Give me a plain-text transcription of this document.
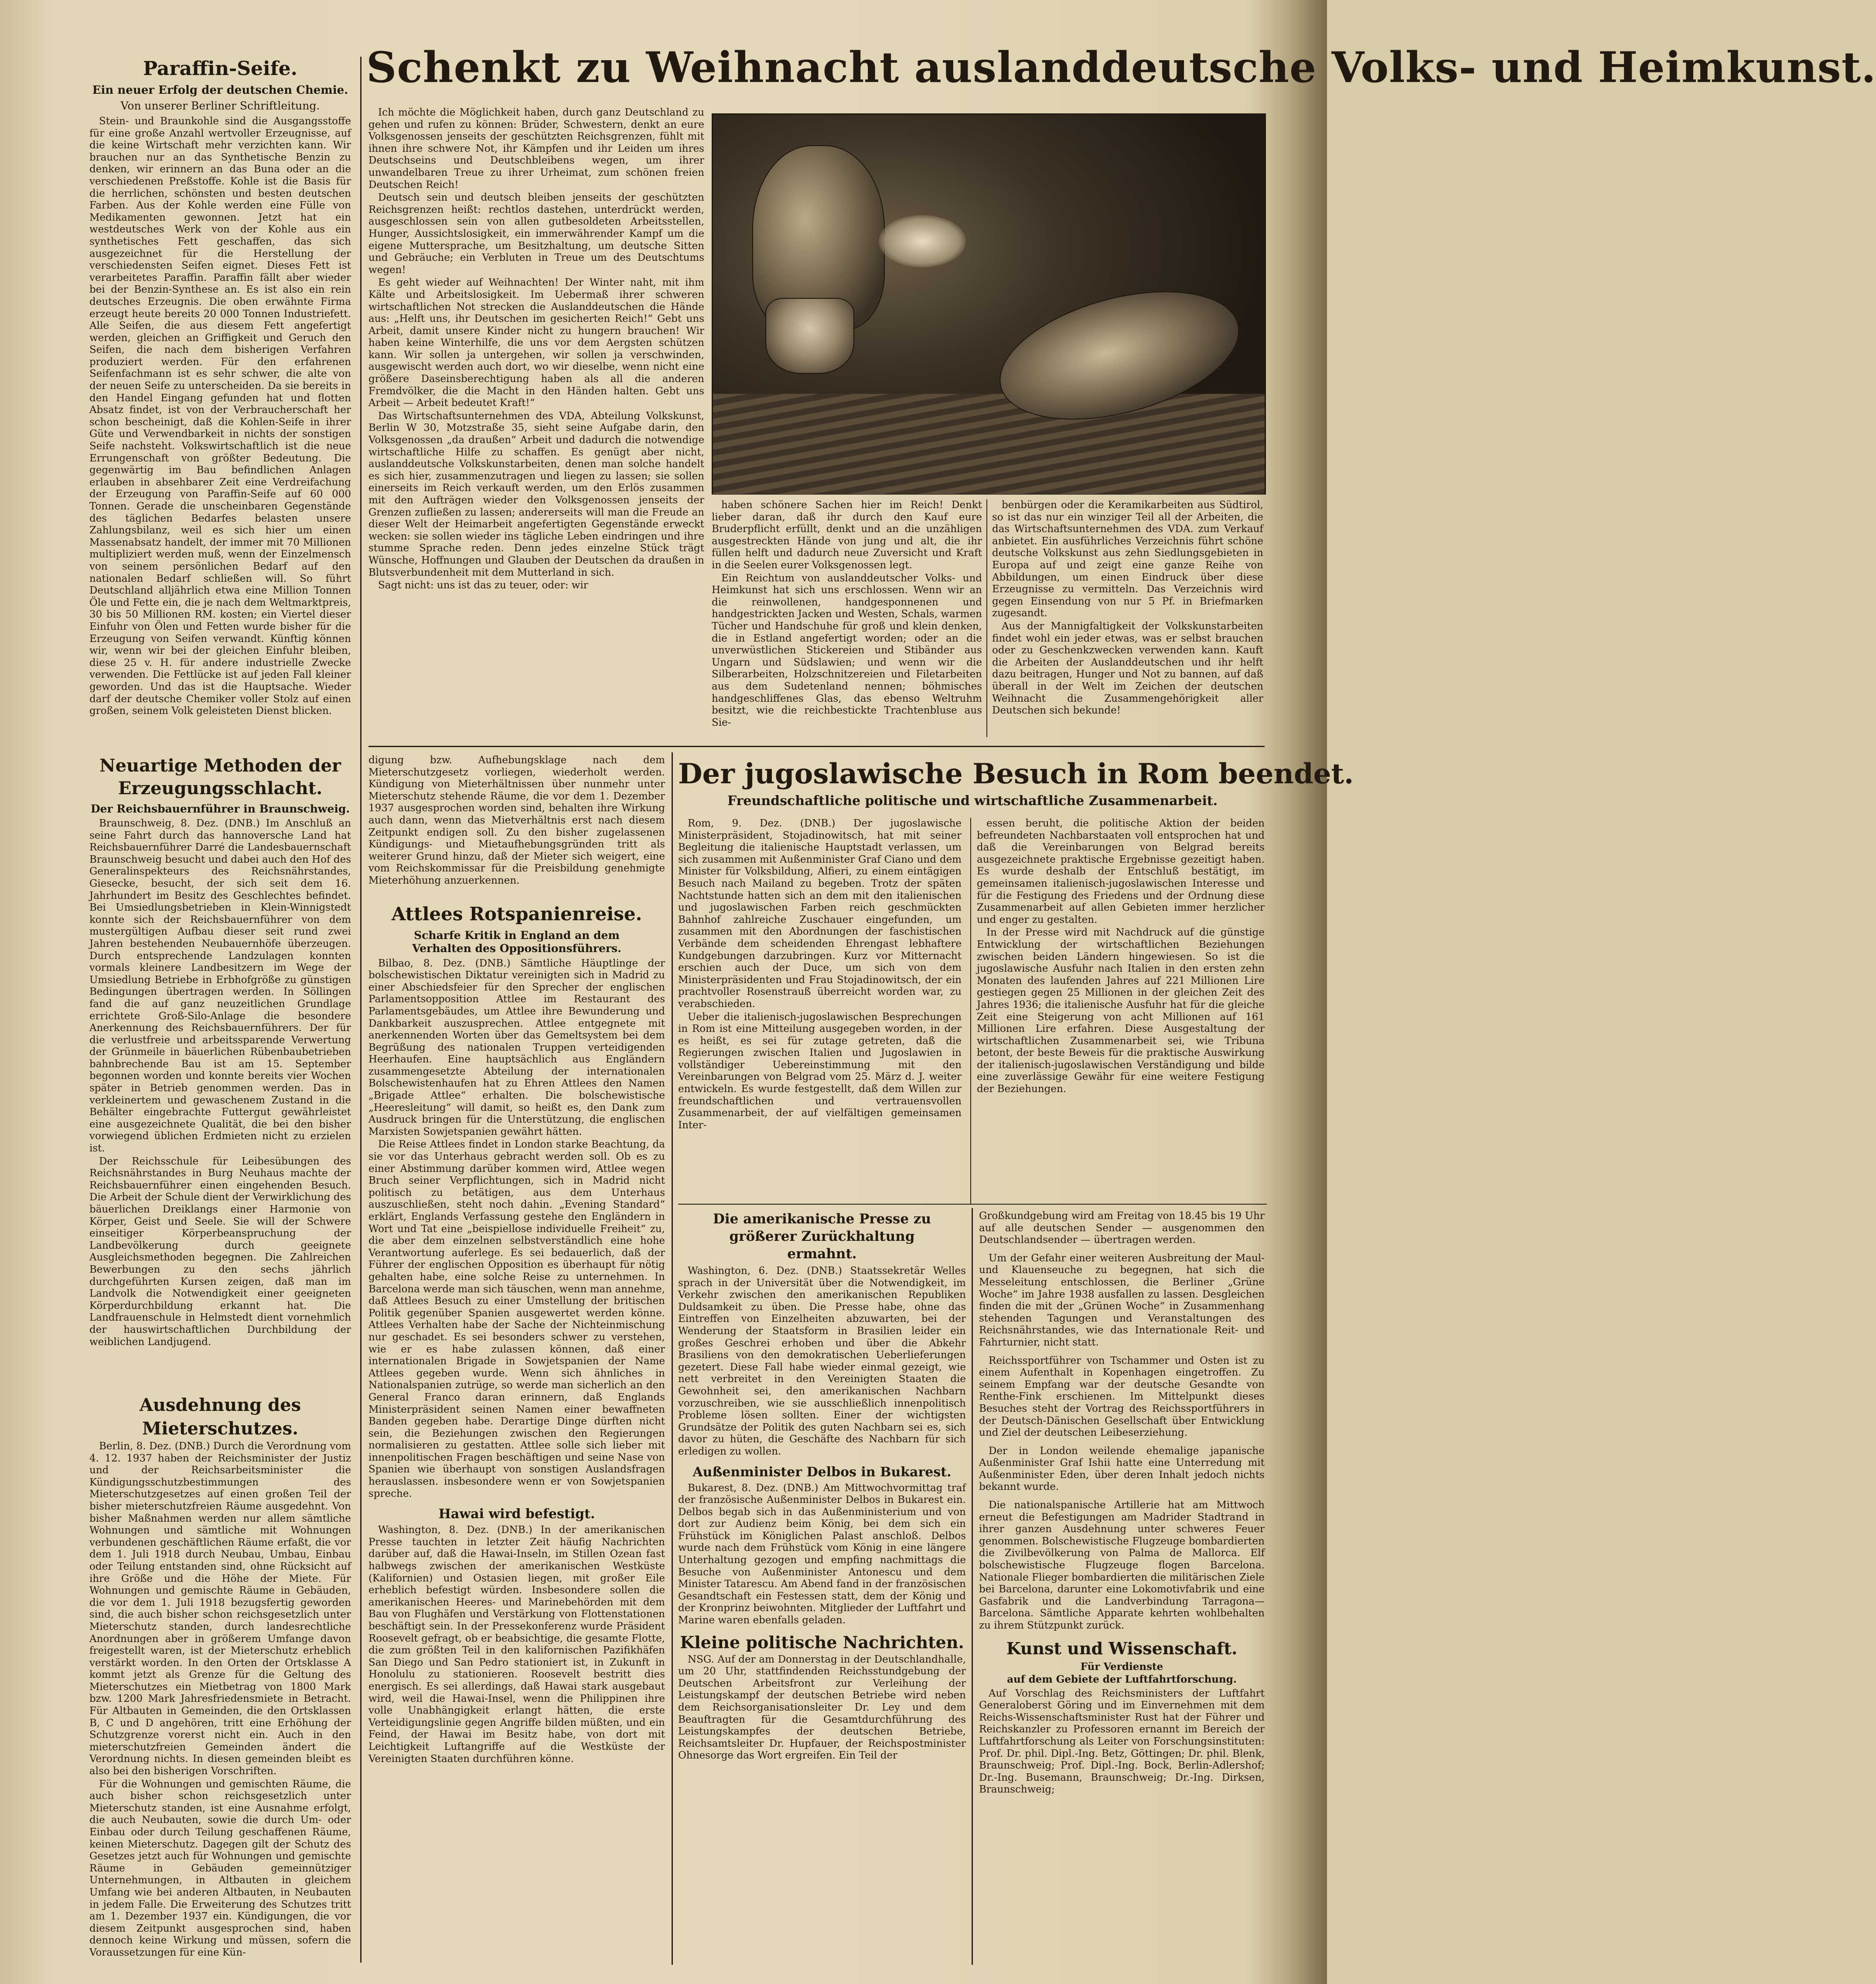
Schenkt zu Weihnacht auslanddeutsche Volks- und Heimkunst.
Paraffin-Seife.
Ein neuer Erfolg der deutschen Chemie.
Von unserer Berliner Schriftleitung.

Stein- und Braunkohle sind die Ausgangsstoffe für eine große Anzahl wertvoller Erzeugnisse, auf die keine Wirtschaft mehr verzichten kann. Wir brauchen nur an das Synthetische Benzin zu denken, wir erinnern an das Buna oder an die verschiedenen Preßstoffe. Kohle ist die Basis für die herrlichen, schönsten und besten deutschen Farben. Aus der Kohle werden eine Fülle von Medikamenten gewonnen. Jetzt hat ein westdeutsches Werk von der Kohle aus ein synthetisches Fett geschaffen, das sich ausgezeichnet für die Herstellung der verschiedensten Seifen eignet. Dieses Fett ist verarbeitetes Paraffin. Paraffin fällt aber wieder bei der Benzin-Synthese an. Es ist also ein rein deutsches Erzeugnis. Die oben erwähnte Firma erzeugt heute bereits 20 000 Tonnen Industriefett. Alle Seifen, die aus diesem Fett angefertigt werden, gleichen an Griffigkeit und Geruch den Seifen, die nach dem bisherigen Verfahren produziert werden. Für den erfahrenen Seifenfachmann ist es sehr schwer, die alte von der neuen Seife zu unterscheiden. Da sie bereits in den Handel Eingang gefunden hat und flotten Absatz findet, ist von der Verbraucherschaft her schon bescheinigt, daß die Kohlen-Seife in ihrer Güte und Verwendbarkeit in nichts der sonstigen Seife nachsteht. Volkswirtschaftlich ist die neue Errungenschaft von größter Bedeutung. Die gegenwärtig im Bau befindlichen Anlagen erlauben in absehbarer Zeit eine Verdreifachung der Erzeugung von Paraffin-Seife auf 60 000 Tonnen. Gerade die unscheinbaren Gegenstände des täglichen Bedarfes belasten unsere Zahlungsbilanz, weil es sich hier um einen Massenabsatz handelt, der immer mit 70 Millionen multipliziert werden muß, wenn der Einzelmensch von seinem persönlichen Bedarf auf den nationalen Bedarf schließen will. So führt Deutschland alljährlich etwa eine Million Tonnen Öle und Fette ein, die je nach dem Weltmarktpreis, 30 bis 50 Millionen RM. kosten; ein Viertel dieser Einfuhr von Ölen und Fetten wurde bisher für die Erzeugung von Seifen verwandt. Künftig können wir, wenn wir bei der gleichen Einfuhr bleiben, diese 25 v. H. für andere industrielle Zwecke verwenden. Die Fettlücke ist auf jeden Fall kleiner geworden. Und das ist die Hauptsache. Wieder darf der deutsche Chemiker voller Stolz auf einen großen, seinem Volk geleisteten Dienst blicken.

Neuartige Methoden der Erzeugungsschlacht.
Der Reichsbauernführer in Braunschweig.

Braunschweig, 8. Dez. (DNB.) Im Anschluß an seine Fahrt durch das hannoversche Land hat Reichsbauernführer Darré die Landesbauernschaft Braunschweig besucht und dabei auch den Hof des Generalinspekteurs des Reichsnährstandes, Giesecke, besucht, der sich seit dem 16. Jahrhundert im Besitz des Geschlechtes befindet. Bei Umsiedlungsbetrieben in Klein-Winnigstedt konnte sich der Reichsbauernführer von dem mustergültigen Aufbau dieser seit rund zwei Jahren bestehenden Neubauernhöfe überzeugen. Durch entsprechende Landzulagen konnten vormals kleinere Landbesitzern im Wege der Umsiedlung Betriebe in Erbhofgröße zu günstigen Bedingungen übertragen werden. In Söllingen fand die auf ganz neuzeitlichen Grundlage errichtete Groß-Silo-Anlage die besondere Anerkennung des Reichsbauernführers. Der für die verlustfreie und arbeitssparende Verwertung der Grünmeile in bäuerlichen Rübenbaubetrieben bahnbrechende Bau ist am 15. September begonnen worden und konnte bereits vier Wochen später in Betrieb genommen werden. Das in verkleinertem und gewaschenem Zustand in die Behälter eingebrachte Futtergut gewährleistet eine ausgezeichnete Qualität, die bei den bisher vorwiegend üblichen Erdmieten nicht zu erzielen ist.

Der Reichsschule für Leibesübungen des Reichsnährstandes in Burg Neuhaus machte der Reichsbauernführer einen eingehenden Besuch. Die Arbeit der Schule dient der Verwirklichung des bäuerlichen Dreiklangs einer Harmonie von Körper, Geist und Seele. Sie will der Schwere einseitiger Körperbeanspruchung der Landbevölkerung durch geeignete Ausgleichsmethoden begegnen. Die Zahlreichen Bewerbungen zu den sechs jährlich durchgeführten Kursen zeigen, daß man im Landvolk die Notwendigkeit einer geeigneten Körperdurchbildung erkannt hat. Die Landfrauenschule in Helmstedt dient vornehmlich der hauswirtschaftlichen Durchbildung der weiblichen Landjugend.

Ausdehnung des Mieterschutzes.

Berlin, 8. Dez. (DNB.) Durch die Verordnung vom 4. 12. 1937 haben der Reichsminister der Justiz und der Reichsarbeitsminister die Kündigungsschutzbestimmungen des Mieterschutzgesetzes auf einen großen Teil der bisher mieterschutzfreien Räume ausgedehnt. Von bisher Maßnahmen werden nur allem sämtliche Wohnungen und sämtliche mit Wohnungen verbundenen geschäftlichen Räume erfaßt, die vor dem 1. Juli 1918 durch Neubau, Umbau, Einbau oder Teilung entstanden sind, ohne Rücksicht auf ihre Größe und die Höhe der Miete. Für Wohnungen und gemischte Räume in Gebäuden, die vor dem 1. Juli 1918 bezugsfertig geworden sind, die auch bisher schon reichsgesetzlich unter Mieterschutz standen, durch landesrechtliche Anordnungen aber in größerem Umfange davon freigestellt waren, ist der Mieterschutz erheblich verstärkt worden. In den Orten der Ortsklasse A kommt jetzt als Grenze für die Geltung des Mieterschutzes ein Mietbetrag von 1800 Mark bzw. 1200 Mark Jahresfriedensmiete in Betracht. Für Altbauten in Gemeinden, die den Ortsklassen B, C und D angehören, tritt eine Erhöhung der Schutzgrenze vorerst nicht ein. Auch in den mieterschutzfreien Gemeinden ändert die Verordnung nichts. In diesen gemeinden bleibt es also bei den bisherigen Vorschriften.

Für die Wohnungen und gemischten Räume, die auch bisher schon reichsgesetzlich unter Mieterschutz standen, ist eine Ausnahme erfolgt, die auch Neubauten, sowie die durch Um- oder Einbau oder durch Teilung geschaffenen Räume, keinen Mieterschutz. Dagegen gilt der Schutz des Gesetzes jetzt auch für Wohnungen und gemischte Räume in Gebäuden gemeinnütziger Unternehmungen, in Altbauten in gleichem Umfang wie bei anderen Altbauten, in Neubauten in jedem Falle. Die Erweiterung des Schutzes tritt am 1. Dezember 1937 ein. Kündigungen, die vor diesem Zeitpunkt ausgesprochen sind, haben dennoch keine Wirkung und müssen, sofern die Voraussetzungen für eine Kün-

Ich möchte die Möglichkeit haben, durch ganz Deutschland zu gehen und rufen zu können: Brüder, Schwestern, denkt an eure Volksgenossen jenseits der geschützten Reichsgrenzen, fühlt mit ihnen ihre schwere Not, ihr Kämpfen und ihr Leiden um ihres Deutschseins und Deutschbleibens wegen, um ihrer unwandelbaren Treue zu ihrer Urheimat, zum schönen freien Deutschen Reich!

Deutsch sein und deutsch bleiben jenseits der geschützten Reichsgrenzen heißt: rechtlos dastehen, unterdrückt werden, ausgeschlossen sein von allen gutbesoldeten Arbeitsstellen, Hunger, Aussichtslosigkeit, ein immerwährender Kampf um die eigene Muttersprache, um Besitzhaltung, um deutsche Sitten und Gebräuche; ein Verbluten in Treue um des Deutschtums wegen!

Es geht wieder auf Weihnachten! Der Winter naht, mit ihm Kälte und Arbeitslosigkeit. Im Uebermaß ihrer schweren wirtschaftlichen Not strecken die Auslanddeutschen die Hände aus: „Helft uns, ihr Deutschen im gesicherten Reich!“ Gebt uns Arbeit, damit unsere Kinder nicht zu hungern brauchen! Wir haben keine Winterhilfe, die uns vor dem Aergsten schützen kann. Wir sollen ja untergehen, wir sollen ja verschwinden, ausgewischt werden auch dort, wo wir dieselbe, wenn nicht eine größere Daseinsberechtigung haben als all die anderen Fremdvölker, die die Macht in den Händen halten. Gebt uns Arbeit — Arbeit bedeutet Kraft!“

Das Wirtschaftsunternehmen des VDA, Abteilung Volkskunst, Berlin W 30, Motzstraße 35, sieht seine Aufgabe darin, den Volksgenossen „da draußen“ Arbeit und dadurch die notwendige wirtschaftliche Hilfe zu schaffen. Es genügt aber nicht, auslanddeutsche Volkskunstarbeiten, denen man solche handelt es sich hier, zusammenzutragen und liegen zu lassen; sie sollen einerseits im Reich verkauft werden, um den Erlös zusammen mit den Aufträgen wieder den Volksgenossen jenseits der Grenzen zufließen zu lassen; andererseits will man die Freude an dieser Welt der Heimarbeit angefertigten Gegenstände erweckt wecken: sie sollen wieder ins tägliche Leben eindringen und ihre stumme Sprache reden. Denn jedes einzelne Stück trägt Wünsche, Hoffnungen und Glauben der Deutschen da draußen in Blutsverbundenheit mit dem Mutterland in sich.

Sagt nicht: uns ist das zu teuer, oder: wir

haben schönere Sachen hier im Reich! Denkt lieber daran, daß ihr durch den Kauf eure Bruderpflicht erfüllt, denkt und an die unzähligen ausgestreckten Hände von jung und alt, die ihr füllen helft und dadurch neue Zuversicht und Kraft in die Seelen eurer Volksgenossen legt.

Ein Reichtum von auslanddeutscher Volks- und Heimkunst hat sich uns erschlossen. Wenn wir an die reinwollenen, handgesponnenen und handgestrickten Jacken und Westen, Schals, warmen Tücher und Handschuhe für groß und klein denken, die in Estland angefertigt worden; oder an die unverwüstlichen Stickereien und Stibänder aus Ungarn und Südslawien; und wenn wir die Silberarbeiten, Holzschnitzereien und Filetarbeiten aus dem Sudetenland nennen; böhmisches handgeschliffenes Glas, das ebenso Weltruhm besitzt, wie die reichbestickte Trachtenbluse aus Sie-

benbürgen oder die Keramikarbeiten aus Südtirol, so ist das nur ein winziger Teil all der Arbeiten, die das Wirtschaftsunternehmen des VDA. zum Verkauf anbietet. Ein ausführliches Verzeichnis führt schöne deutsche Volkskunst aus zehn Siedlungsgebieten in Europa auf und zeigt eine ganze Reihe von Abbildungen, um einen Eindruck über diese Erzeugnisse zu vermitteln. Das Verzeichnis wird gegen Einsendung von nur 5 Pf. in Briefmarken zugesandt.

Aus der Mannigfaltigkeit der Volkskunstarbeiten findet wohl ein jeder etwas, was er selbst brauchen oder zu Geschenkzwecken verwenden kann. Kauft die Arbeiten der Auslanddeutschen und ihr helft dazu beitragen, Hunger und Not zu bannen, auf daß überall in der Welt im Zeichen der deutschen Weihnacht die Zusammengehörigkeit aller Deutschen sich bekunde!

digung bzw. Aufhebungsklage nach dem Mieterschutzgesetz vorliegen, wiederholt werden. Kündigung von Mieterhältnissen über nunmehr unter Mieterschutz stehende Räume, die vor dem 1. Dezember 1937 ausgesprochen worden sind, behalten ihre Wirkung auch dann, wenn das Mietverhältnis erst nach diesem Zeitpunkt endigen soll. Zu den bisher zugelassenen Kündigungs- und Mietaufhebungsgründen tritt als weiterer Grund hinzu, daß der Mieter sich weigert, eine vom Reichskommissar für die Preisbildung genehmigte Mieterhöhung anzuerkennen.

Attlees Rotspanienreise.
Scharfe Kritik in England an dem Verhalten des Oppositionsführers.

Bilbao, 8. Dez. (DNB.) Sämtliche Häuptlinge der bolschewistischen Diktatur vereinigten sich in Madrid zu einer Abschiedsfeier für den Sprecher der englischen Parlamentsopposition Attlee im Restaurant des Parlamentsgebäudes, um Attlee ihre Bewunderung und Dankbarkeit auszusprechen. Attlee entgegnete mit anerkennenden Worten über das Gemeltsystem bei dem Begrüßung des nationalen Truppen verteidigenden Heerhaufen. Eine hauptsächlich aus Engländern zusammengesetzte Abteilung der internationalen Bolschewistenhaufen hat zu Ehren Attlees den Namen „Brigade Attlee“ erhalten. Die bolschewistische „Heeresleitung“ will damit, so heißt es, den Dank zum Ausdruck bringen für die Unterstützung, die englischen Marxisten Sowjetspanien gewährt hätten.

Die Reise Attlees findet in London starke Beachtung, da sie vor das Unterhaus gebracht werden soll. Ob es zu einer Abstimmung darüber kommen wird, Attlee wegen Bruch seiner Verpflichtungen, sich in Madrid nicht politisch zu betätigen, aus dem Unterhaus auszuschließen, steht noch dahin. „Evening Standard“ erklärt, Englands Verfassung gestehe den Engländern in Wort und Tat eine „beispiellose individuelle Freiheit“ zu, die aber dem einzelnen selbstverständlich eine hohe Verantwortung auferlege. Es sei bedauerlich, daß der Führer der englischen Opposition es überhaupt für nötig gehalten habe, eine solche Reise zu unternehmen. In Barcelona werde man sich täuschen, wenn man annehme, daß Attlees Besuch zu einer Umstellung der britischen Politik gegenüber Spanien ausgewertet werden könne. Attlees Verhalten habe der Sache der Nichteinmischung nur geschadet. Es sei besonders schwer zu verstehen, wie er es habe zulassen können, daß einer internationalen Brigade in Sowjetspanien der Name Attlees gegeben wurde. Wenn sich ähnliches in Nationalspanien zutrüge, so werde man sicherlich an den General Franco daran erinnern, daß Englands Ministerpräsident seinen Namen einer bewaffneten Banden gegeben habe. Derartige Dinge dürften nicht sein, die Beziehungen zwischen den Regierungen normalisieren zu gestatten. Attlee solle sich lieber mit innenpolitischen Fragen beschäftigen und seine Nase von Spanien wie überhaupt von sonstigen Auslandsfragen herauslassen. insbesondere wenn er von Sowjetspanien spreche.

Hawai wird befestigt.

Washington, 8. Dez. (DNB.) In der amerikanischen Presse tauchten in letzter Zeit häufig Nachrichten darüber auf, daß die Hawai-Inseln, im Stillen Ozean fast halbwegs zwischen der amerikanischen Westküste (Kalifornien) und Ostasien liegen, mit großer Eile erheblich befestigt würden. Insbesondere sollen die amerikanischen Heeres- und Marinebehörden mit dem Bau von Flughäfen und Verstärkung von Flottenstationen beschäftigt sein. In der Pressekonferenz wurde Präsident Roosevelt gefragt, ob er beabsichtige, die gesamte Flotte, die zum größten Teil in den kalifornischen Pazifikhäfen San Diego und San Pedro stationiert ist, in Zukunft in Honolulu zu stationieren. Roosevelt bestritt dies energisch. Es sei allerdings, daß Hawai stark ausgebaut wird, weil die Hawai-Insel, wenn die Philippinen ihre volle Unabhängigkeit erlangt hätten, die erste Verteidigungslinie gegen Angriffe bilden müßten, und ein Feind, der Hawai im Besitz habe, von dort mit Leichtigkeit Luftangriffe auf die Westküste der Vereinigten Staaten durchführen könne.

Der jugoslawische Besuch in Rom beendet.
Freundschaftliche politische und wirtschaftliche Zusammenarbeit.

Rom, 9. Dez. (DNB.) Der jugoslawische Ministerpräsident, Stojadinowitsch, hat mit seiner Begleitung die italienische Hauptstadt verlassen, um sich zusammen mit Außenminister Graf Ciano und dem Minister für Volksbildung, Alfieri, zu einem eintägigen Besuch nach Mailand zu begeben. Trotz der späten Nachtstunde hatten sich an dem mit den italienischen und jugoslawischen Farben reich geschmückten Bahnhof zahlreiche Zuschauer eingefunden, um zusammen mit den Abordnungen der faschistischen Verbände dem scheidenden Ehrengast lebhaftere Kundgebungen darzubringen. Kurz vor Mitternacht erschien auch der Duce, um sich von dem Ministerpräsidenten und Frau Stojadinowitsch, der ein prachtvoller Rosenstrauß überreicht worden war, zu verabschieden.

Ueber die italienisch-jugoslawischen Besprechungen in Rom ist eine Mitteilung ausgegeben worden, in der es heißt, es sei für zutage getreten, daß die Regierungen zwischen Italien und Jugoslawien in vollständiger Uebereinstimmung mit den Vereinbarungen von Belgrad vom 25. März d. J. weiter entwickeln. Es wurde festgestellt, daß dem Willen zur freundschaftlichen und vertrauensvollen Zusammenarbeit, der auf vielfältigen gemeinsamen Inter-

essen beruht, die politische Aktion der beiden befreundeten Nachbarstaaten voll entsprochen hat und daß die Vereinbarungen von Belgrad bereits ausgezeichnete praktische Ergebnisse gezeitigt haben. Es wurde deshalb der Entschluß bestätigt, im gemeinsamen italienisch-jugoslawischen Interesse und für die Festigung des Friedens und der Ordnung diese Zusammenarbeit auf allen Gebieten immer herzlicher und enger zu gestalten.

In der Presse wird mit Nachdruck auf die günstige Entwicklung der wirtschaftlichen Beziehungen zwischen beiden Ländern hingewiesen. So ist die jugoslawische Ausfuhr nach Italien in den ersten zehn Monaten des laufenden Jahres auf 221 Millionen Lire gestiegen gegen 25 Millionen in der gleichen Zeit des Jahres 1936; die italienische Ausfuhr hat für die gleiche Zeit eine Steigerung von acht Millionen auf 161 Millionen Lire erfahren. Diese Ausgestaltung der wirtschaftlichen Zusammenarbeit sei, wie Tribuna betont, der beste Beweis für die praktische Auswirkung der italienisch-jugoslawischen Verständigung und bilde eine zuverlässige Gewähr für eine weitere Festigung der Beziehungen.

Die amerikanische Presse zu größerer Zurückhaltung ermahnt.

Washington, 6. Dez. (DNB.) Staatssekretär Welles sprach in der Universität über die Notwendigkeit, im Verkehr zwischen den amerikanischen Republiken Duldsamkeit zu üben. Die Presse habe, ohne das Eintreffen von Einzelheiten abzuwarten, bei der Wenderung der Staatsform in Brasilien leider ein großes Geschrei erhoben und über die Abkehr Brasiliens von den demokratischen Ueberlieferungen gezetert. Diese Fall habe wieder einmal gezeigt, wie nett verbreitet in den Vereinigten Staaten die Gewohnheit sei, den amerikanischen Nachbarn vorzuschreiben, wie sie ausschließlich innenpolitisch Probleme lösen sollten. Einer der wichtigsten Grundsätze der Politik des guten Nachbarn sei es, sich davor zu hüten, die Geschäfte des Nachbarn für sich erledigen zu wollen.

Außenminister Delbos in Bukarest.

Bukarest, 8. Dez. (DNB.) Am Mittwochvormittag traf der französische Außenminister Delbos in Bukarest ein. Delbos begab sich in das Außenministerium und von dort zur Audienz beim König, bei dem sich ein Frühstück im Königlichen Palast anschloß. Delbos wurde nach dem Frühstück vom König in eine längere Unterhaltung gezogen und empfing nachmittags die Besuche von Außenminister Antonescu und dem Minister Tatarescu. Am Abend fand in der französischen Gesandtschaft ein Festessen statt, dem der König und der Kronprinz beiwohnten. Mitglieder der Luftfahrt und Marine waren ebenfalls geladen.

Kleine politische Nachrichten.

NSG. Auf der am Donnerstag in der Deutschlandhalle, um 20 Uhr, stattfindenden Reichsstundgebung der Deutschen Arbeitsfront zur Verleihung der Leistungskampf der deutschen Betriebe wird neben dem Reichsorganisationsleiter Dr. Ley und dem Beauftragten für die Gesamtdurchführung des Leistungskampfes der deutschen Betriebe, Reichsamtsleiter Dr. Hupfauer, der Reichspostminister Ohnesorge das Wort ergreifen. Ein Teil der

Großkundgebung wird am Freitag von 18.45 bis 19 Uhr auf alle deutschen Sender — ausgenommen den Deutschlandsender — übertragen werden.

Um der Gefahr einer weiteren Ausbreitung der Maul- und Klauenseuche zu begegnen, hat sich die Messeleitung entschlossen, die Berliner „Grüne Woche“ im Jahre 1938 ausfallen zu lassen. Desgleichen finden die mit der „Grünen Woche“ in Zusammenhang stehenden Tagungen und Veranstaltungen des Reichsnährstandes, wie das Internationale Reit- und Fahrturnier, nicht statt.

Reichssportführer von Tschammer und Osten ist zu einem Aufenthalt in Kopenhagen eingetroffen. Zu seinem Empfang war der deutsche Gesandte von Renthe-Fink erschienen. Im Mittelpunkt dieses Besuches steht der Vortrag des Reichssportführers in der Deutsch-Dänischen Gesellschaft über Entwicklung und Ziel der deutschen Leibeserziehung.

Der in London weilende ehemalige japanische Außenminister Graf Ishii hatte eine Unterredung mit Außenminister Eden, über deren Inhalt jedoch nichts bekannt wurde.

Die nationalspanische Artillerie hat am Mittwoch erneut die Befestigungen am Madrider Stadtrand in ihrer ganzen Ausdehnung unter schweres Feuer genommen. Bolschewistische Flugzeuge bombardierten die Zivilbevölkerung von Palma de Mallorca. Elf bolschewistische Flugzeuge flogen Barcelona. Nationale Flieger bombardierten die militärischen Ziele bei Barcelona, darunter eine Lokomotivfabrik und eine Gasfabrik und die Landverbindung Tarragona—Barcelona. Sämtliche Apparate kehrten wohlbehalten zu ihrem Stützpunkt zurück.

Kunst und Wissenschaft.
Für Verdienste
auf dem Gebiete der Luftfahrtforschung.

Auf Vorschlag des Reichsministers der Luftfahrt Generaloberst Göring und im Einvernehmen mit dem Reichs-Wissenschaftsminister Rust hat der Führer und Reichskanzler zu Professoren ernannt im Bereich der Luftfahrtforschung als Leiter von Forschungsinstituten: Prof. Dr. phil. Dipl.-Ing. Betz, Göttingen; Dr. phil. Blenk, Braunschweig; Prof. Dipl.-Ing. Bock, Berlin-Adlershof; Dr.-Ing. Busemann, Braunschweig; Dr.-Ing. Dirksen, Braunschweig;
